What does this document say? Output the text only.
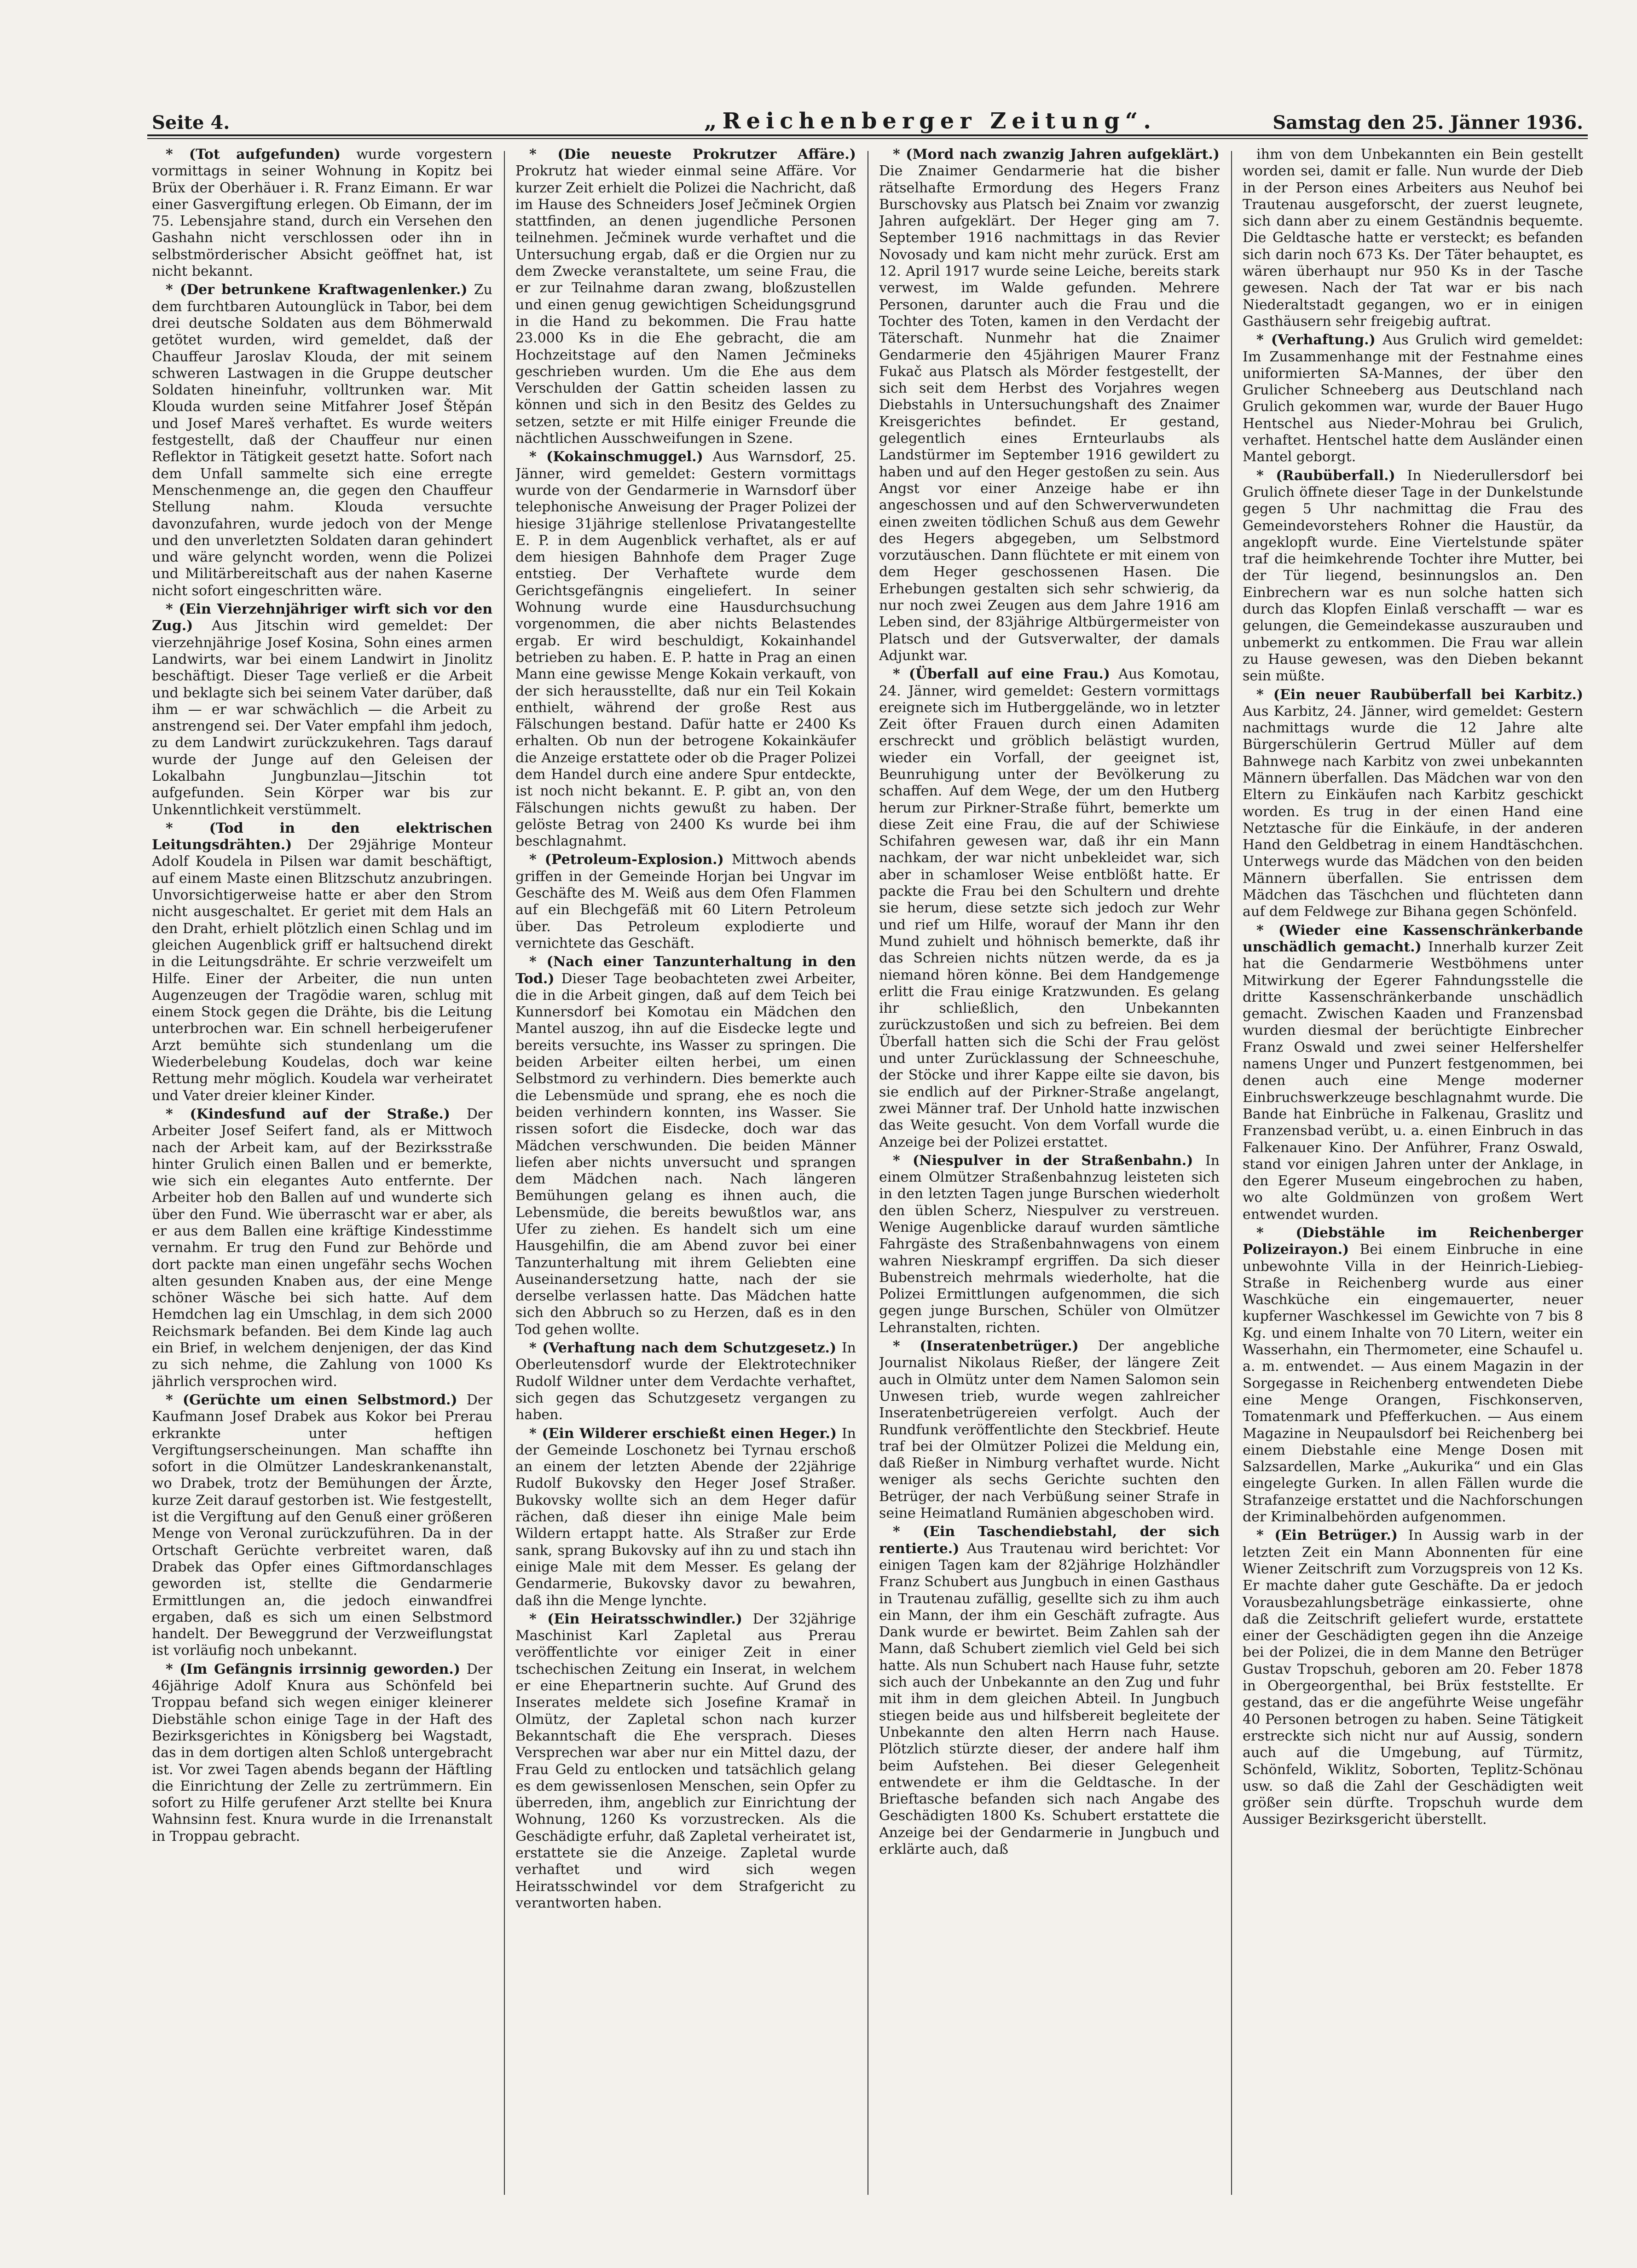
Seite 4.	„Reichenberger Zeitung“.	Samstag den 25. Jänner 1936.

* (Tot aufgefunden) wurde vorgestern vormittags in seiner Wohnung in Kopitz bei Brüx der Oberhäuer i. R. Franz Eimann. Er war einer Gasvergiftung erlegen. Ob Eimann, der im 75. Lebensjahre stand, durch ein Versehen den Gashahn nicht verschlossen oder ihn in selbstmörderischer Absicht geöffnet hat, ist nicht bekannt.

* (Der betrunkene Kraftwagenlenker.) Zu dem furchtbaren Autounglück in Tabor, bei dem drei deutsche Soldaten aus dem Böhmerwald getötet wurden, wird gemeldet, daß der Chauffeur Jaroslav Klouda, der mit seinem schweren Lastwagen in die Gruppe deutscher Soldaten hineinfuhr, volltrunken war. Mit Klouda wurden seine Mitfahrer Josef Štěpán und Josef Mareš verhaftet. Es wurde weiters festgestellt, daß der Chauffeur nur einen Reflektor in Tätigkeit gesetzt hatte. Sofort nach dem Unfall sammelte sich eine erregte Menschenmenge an, die gegen den Chauffeur Stellung nahm. Klouda versuchte davonzufahren, wurde jedoch von der Menge und den unverletzten Soldaten daran gehindert und wäre gelyncht worden, wenn die Polizei und Militärbereitschaft aus der nahen Kaserne nicht sofort eingeschritten wäre.

* (Ein Vierzehnjähriger wirft sich vor den Zug.) Aus Jitschin wird gemeldet: Der vierzehnjährige Josef Kosina, Sohn eines armen Landwirts, war bei einem Landwirt in Jinolitz beschäftigt. Dieser Tage verließ er die Arbeit und beklagte sich bei seinem Vater darüber, daß ihm — er war schwächlich — die Arbeit zu anstrengend sei. Der Vater empfahl ihm jedoch, zu dem Landwirt zurückzukehren. Tags darauf wurde der Junge auf den Geleisen der Lokalbahn Jungbunzlau—Jitschin tot aufgefunden. Sein Körper war bis zur Unkenntlichkeit verstümmelt.

* (Tod in den elektrischen Leitungsdrähten.) Der 29jährige Monteur Adolf Koudela in Pilsen war damit beschäftigt, auf einem Maste einen Blitzschutz anzubringen. Unvorsichtigerweise hatte er aber den Strom nicht ausgeschaltet. Er geriet mit dem Hals an den Draht, erhielt plötzlich einen Schlag und im gleichen Augenblick griff er haltsuchend direkt in die Leitungsdrähte. Er schrie verzweifelt um Hilfe. Einer der Arbeiter, die nun unten Augenzeugen der Tragödie waren, schlug mit einem Stock gegen die Drähte, bis die Leitung unterbrochen war. Ein schnell herbeigerufener Arzt bemühte sich stundenlang um die Wiederbelebung Koudelas, doch war keine Rettung mehr möglich. Koudela war verheiratet und Vater dreier kleiner Kinder.

* (Kindesfund auf der Straße.) Der Arbeiter Josef Seifert fand, als er Mittwoch nach der Arbeit kam, auf der Bezirksstraße hinter Grulich einen Ballen und er bemerkte, wie sich ein elegantes Auto entfernte. Der Arbeiter hob den Ballen auf und wunderte sich über den Fund. Wie überrascht war er aber, als er aus dem Ballen eine kräftige Kindesstimme vernahm. Er trug den Fund zur Behörde und dort packte man einen ungefähr sechs Wochen alten gesunden Knaben aus, der eine Menge schöner Wäsche bei sich hatte. Auf dem Hemdchen lag ein Umschlag, in dem sich 2000 Reichsmark befanden. Bei dem Kinde lag auch ein Brief, in welchem denjenigen, der das Kind zu sich nehme, die Zahlung von 1000 Ks jährlich versprochen wird.

* (Gerüchte um einen Selbstmord.) Der Kaufmann Josef Drabek aus Kokor bei Prerau erkrankte unter heftigen Vergiftungserscheinungen. Man schaffte ihn sofort in die Olmützer Landeskrankenanstalt, wo Drabek, trotz der Bemühungen der Ärzte, kurze Zeit darauf gestorben ist. Wie festgestellt, ist die Vergiftung auf den Genuß einer größeren Menge von Veronal zurückzuführen. Da in der Ortschaft Gerüchte verbreitet waren, daß Drabek das Opfer eines Giftmordanschlages geworden ist, stellte die Gendarmerie Ermittlungen an, die jedoch einwandfrei ergaben, daß es sich um einen Selbstmord handelt. Der Beweggrund der Verzweiflungstat ist vorläufig noch unbekannt.

* (Im Gefängnis irrsinnig geworden.) Der 46jährige Adolf Knura aus Schönfeld bei Troppau befand sich wegen einiger kleinerer Diebstähle schon einige Tage in der Haft des Bezirksgerichtes in Königsberg bei Wagstadt, das in dem dortigen alten Schloß untergebracht ist. Vor zwei Tagen abends begann der Häftling die Einrichtung der Zelle zu zertrümmern. Ein sofort zu Hilfe gerufener Arzt stellte bei Knura Wahnsinn fest. Knura wurde in die Irrenanstalt in Troppau gebracht.

* (Die neueste Prokrutzer Affäre.) Prokrutz hat wieder einmal seine Affäre. Vor kurzer Zeit erhielt die Polizei die Nachricht, daß im Hause des Schneiders Josef Ječminek Orgien stattfinden, an denen jugendliche Personen teilnehmen. Ječminek wurde verhaftet und die Untersuchung ergab, daß er die Orgien nur zu dem Zwecke veranstaltete, um seine Frau, die er zur Teilnahme daran zwang, bloßzustellen und einen genug gewichtigen Scheidungsgrund in die Hand zu bekommen. Die Frau hatte 23.000 Ks in die Ehe gebracht, die am Hochzeitstage auf den Namen Ječmineks geschrieben wurden. Um die Ehe aus dem Verschulden der Gattin scheiden lassen zu können und sich in den Besitz des Geldes zu setzen, setzte er mit Hilfe einiger Freunde die nächtlichen Ausschweifungen in Szene.

* (Kokainschmuggel.) Aus Warnsdorf, 25. Jänner, wird gemeldet: Gestern vormittags wurde von der Gendarmerie in Warnsdorf über telephonische Anweisung der Prager Polizei der hiesige 31jährige stellenlose Privatangestellte E. P. in dem Augenblick verhaftet, als er auf dem hiesigen Bahnhofe dem Prager Zuge entstieg. Der Verhaftete wurde dem Gerichtsgefängnis eingeliefert. In seiner Wohnung wurde eine Hausdurchsuchung vorgenommen, die aber nichts Belastendes ergab. Er wird beschuldigt, Kokainhandel betrieben zu haben. E. P. hatte in Prag an einen Mann eine gewisse Menge Kokain verkauft, von der sich herausstellte, daß nur ein Teil Kokain enthielt, während der große Rest aus Fälschungen bestand. Dafür hatte er 2400 Ks erhalten. Ob nun der betrogene Kokainkäufer die Anzeige erstattete oder ob die Prager Polizei dem Handel durch eine andere Spur entdeckte, ist noch nicht bekannt. E. P. gibt an, von den Fälschungen nichts gewußt zu haben. Der gelöste Betrag von 2400 Ks wurde bei ihm beschlagnahmt.

* (Petroleum-Explosion.) Mittwoch abends griffen in der Gemeinde Horjan bei Ungvar im Geschäfte des M. Weiß aus dem Ofen Flammen auf ein Blechgefäß mit 60 Litern Petroleum über. Das Petroleum explodierte und vernichtete das Geschäft.

* (Nach einer Tanzunterhaltung in den Tod.) Dieser Tage beobachteten zwei Arbeiter, die in die Arbeit gingen, daß auf dem Teich bei Kunnersdorf bei Komotau ein Mädchen den Mantel auszog, ihn auf die Eisdecke legte und bereits versuchte, ins Wasser zu springen. Die beiden Arbeiter eilten herbei, um einen Selbstmord zu verhindern. Dies bemerkte auch die Lebensmüde und sprang, ehe es noch die beiden verhindern konnten, ins Wasser. Sie rissen sofort die Eisdecke, doch war das Mädchen verschwunden. Die beiden Männer liefen aber nichts unversucht und sprangen dem Mädchen nach. Nach längeren Bemühungen gelang es ihnen auch, die Lebensmüde, die bereits bewußtlos war, ans Ufer zu ziehen. Es handelt sich um eine Hausgehilfin, die am Abend zuvor bei einer Tanzunterhaltung mit ihrem Geliebten eine Auseinandersetzung hatte, nach der sie derselbe verlassen hatte. Das Mädchen hatte sich den Abbruch so zu Herzen, daß es in den Tod gehen wollte.

* (Verhaftung nach dem Schutzgesetz.) In Oberleutensdorf wurde der Elektrotechniker Rudolf Wildner unter dem Verdachte verhaftet, sich gegen das Schutzgesetz vergangen zu haben.

* (Ein Wilderer erschießt einen Heger.) In der Gemeinde Loschonetz bei Tyrnau erschoß an einem der letzten Abende der 22jährige Rudolf Bukovsky den Heger Josef Straßer. Bukovsky wollte sich an dem Heger dafür rächen, daß dieser ihn einige Male beim Wildern ertappt hatte. Als Straßer zur Erde sank, sprang Bukovsky auf ihn zu und stach ihn einige Male mit dem Messer. Es gelang der Gendarmerie, Bukovsky davor zu bewahren, daß ihn die Menge lynchte.

* (Ein Heiratsschwindler.) Der 32jährige Maschinist Karl Zapletal aus Prerau veröffentlichte vor einiger Zeit in einer tschechischen Zeitung ein Inserat, in welchem er eine Ehepartnerin suchte. Auf Grund des Inserates meldete sich Josefine Kramař in Olmütz, der Zapletal schon nach kurzer Bekanntschaft die Ehe versprach. Dieses Versprechen war aber nur ein Mittel dazu, der Frau Geld zu entlocken und tatsächlich gelang es dem gewissenlosen Menschen, sein Opfer zu überreden, ihm, angeblich zur Einrichtung der Wohnung, 1260 Ks vorzustrecken. Als die Geschädigte erfuhr, daß Zapletal verheiratet ist, erstattete sie die Anzeige. Zapletal wurde verhaftet und wird sich wegen Heiratsschwindel vor dem Strafgericht zu verantworten haben.

* (Mord nach zwanzig Jahren aufgeklärt.) Die Znaimer Gendarmerie hat die bisher rätselhafte Ermordung des Hegers Franz Burschovsky aus Platsch bei Znaim vor zwanzig Jahren aufgeklärt. Der Heger ging am 7. September 1916 nachmittags in das Revier Novosady und kam nicht mehr zurück. Erst am 12. April 1917 wurde seine Leiche, bereits stark verwest, im Walde gefunden. Mehrere Personen, darunter auch die Frau und die Tochter des Toten, kamen in den Verdacht der Täterschaft. Nunmehr hat die Znaimer Gendarmerie den 45jährigen Maurer Franz Fukač aus Platsch als Mörder festgestellt, der sich seit dem Herbst des Vorjahres wegen Diebstahls in Untersuchungshaft des Znaimer Kreisgerichtes befindet. Er gestand, gelegentlich eines Ernteurlaubs als Landstürmer im September 1916 gewildert zu haben und auf den Heger gestoßen zu sein. Aus Angst vor einer Anzeige habe er ihn angeschossen und auf den Schwerverwundeten einen zweiten tödlichen Schuß aus dem Gewehr des Hegers abgegeben, um Selbstmord vorzutäuschen. Dann flüchtete er mit einem von dem Heger geschossenen Hasen. Die Erhebungen gestalten sich sehr schwierig, da nur noch zwei Zeugen aus dem Jahre 1916 am Leben sind, der 83jährige Altbürgermeister von Platsch und der Gutsverwalter, der damals Adjunkt war.

* (Überfall auf eine Frau.) Aus Komotau, 24. Jänner, wird gemeldet: Gestern vormittags ereignete sich im Hutberggelände, wo in letzter Zeit öfter Frauen durch einen Adamiten erschreckt und gröblich belästigt wurden, wieder ein Vorfall, der geeignet ist, Beunruhigung unter der Bevölkerung zu schaffen. Auf dem Wege, der um den Hutberg herum zur Pirkner-Straße führt, bemerkte um diese Zeit eine Frau, die auf der Schiwiese Schifahren gewesen war, daß ihr ein Mann nachkam, der war nicht unbekleidet war, sich aber in schamloser Weise entblößt hatte. Er packte die Frau bei den Schultern und drehte sie herum, diese setzte sich jedoch zur Wehr und rief um Hilfe, worauf der Mann ihr den Mund zuhielt und höhnisch bemerkte, daß ihr das Schreien nichts nützen werde, da es ja niemand hören könne. Bei dem Handgemenge erlitt die Frau einige Kratzwunden. Es gelang ihr schließlich, den Unbekannten zurückzustoßen und sich zu befreien. Bei dem Überfall hatten sich die Schi der Frau gelöst und unter Zurücklassung der Schneeschuhe, der Stöcke und ihrer Kappe eilte sie davon, bis sie endlich auf der Pirkner-Straße angelangt, zwei Männer traf. Der Unhold hatte inzwischen das Weite gesucht. Von dem Vorfall wurde die Anzeige bei der Polizei erstattet.

* (Niespulver in der Straßenbahn.) In einem Olmützer Straßenbahnzug leisteten sich in den letzten Tagen junge Burschen wiederholt den üblen Scherz, Niespulver zu verstreuen. Wenige Augenblicke darauf wurden sämtliche Fahrgäste des Straßenbahnwagens von einem wahren Nieskrampf ergriffen. Da sich dieser Bubenstreich mehrmals wiederholte, hat die Polizei Ermittlungen aufgenommen, die sich gegen junge Burschen, Schüler von Olmützer Lehranstalten, richten.

* (Inseratenbetrüger.) Der angebliche Journalist Nikolaus Rießer, der längere Zeit auch in Olmütz unter dem Namen Salomon sein Unwesen trieb, wurde wegen zahlreicher Inseratenbetrügereien verfolgt. Auch der Rundfunk veröffentlichte den Steckbrief. Heute traf bei der Olmützer Polizei die Meldung ein, daß Rießer in Nimburg verhaftet wurde. Nicht weniger als sechs Gerichte suchten den Betrüger, der nach Verbüßung seiner Strafe in seine Heimatland Rumänien abgeschoben wird.

* (Ein Taschendiebstahl, der sich rentierte.) Aus Trautenau wird berichtet: Vor einigen Tagen kam der 82jährige Holzhändler Franz Schubert aus Jungbuch in einen Gasthaus in Trautenau zufällig, gesellte sich zu ihm auch ein Mann, der ihm ein Geschäft zufragte. Aus Dank wurde er bewirtet. Beim Zahlen sah der Mann, daß Schubert ziemlich viel Geld bei sich hatte. Als nun Schubert nach Hause fuhr, setzte sich auch der Unbekannte an den Zug und fuhr mit ihm in dem gleichen Abteil. In Jungbuch stiegen beide aus und hilfsbereit begleitete der Unbekannte den alten Herrn nach Hause. Plötzlich stürzte dieser, der andere half ihm beim Aufstehen. Bei dieser Gelegenheit entwendete er ihm die Geldtasche. In der Brieftasche befanden sich nach Angabe des Geschädigten 1800 Ks. Schubert erstattete die Anzeige bei der Gendarmerie in Jungbuch und erklärte auch, daß

ihm von dem Unbekannten ein Bein gestellt worden sei, damit er falle. Nun wurde der Dieb in der Person eines Arbeiters aus Neuhof bei Trautenau ausgeforscht, der zuerst leugnete, sich dann aber zu einem Geständnis bequemte. Die Geldtasche hatte er versteckt; es befanden sich darin noch 673 Ks. Der Täter behauptet, es wären überhaupt nur 950 Ks in der Tasche gewesen. Nach der Tat war er bis nach Niederaltstadt gegangen, wo er in einigen Gasthäusern sehr freigebig auftrat.

* (Verhaftung.) Aus Grulich wird gemeldet: Im Zusammenhange mit der Festnahme eines uniformierten SA-Mannes, der über den Grulicher Schneeberg aus Deutschland nach Grulich gekommen war, wurde der Bauer Hugo Hentschel aus Nieder-Mohrau bei Grulich, verhaftet. Hentschel hatte dem Ausländer einen Mantel geborgt.

* (Raubüberfall.) In Niederullersdorf bei Grulich öffnete dieser Tage in der Dunkelstunde gegen 5 Uhr nachmittag die Frau des Gemeindevorstehers Rohner die Haustür, da angeklopft wurde. Eine Viertelstunde später traf die heimkehrende Tochter ihre Mutter, bei der Tür liegend, besinnungslos an. Den Einbrechern war es nun solche hatten sich durch das Klopfen Einlaß verschafft — war es gelungen, die Gemeindekasse auszurauben und unbemerkt zu entkommen. Die Frau war allein zu Hause gewesen, was den Dieben bekannt sein müßte.

* (Ein neuer Raubüberfall bei Karbitz.) Aus Karbitz, 24. Jänner, wird gemeldet: Gestern nachmittags wurde die 12 Jahre alte Bürgerschülerin Gertrud Müller auf dem Bahnwege nach Karbitz von zwei unbekannten Männern überfallen. Das Mädchen war von den Eltern zu Einkäufen nach Karbitz geschickt worden. Es trug in der einen Hand eine Netztasche für die Einkäufe, in der anderen Hand den Geldbetrag in einem Handtäschchen. Unterwegs wurde das Mädchen von den beiden Männern überfallen. Sie entrissen dem Mädchen das Täschchen und flüchteten dann auf dem Feldwege zur Bihana gegen Schönfeld.

* (Wieder eine Kassenschränkerbande unschädlich gemacht.) Innerhalb kurzer Zeit hat die Gendarmerie Westböhmens unter Mitwirkung der Egerer Fahndungsstelle die dritte Kassenschränkerbande unschädlich gemacht. Zwischen Kaaden und Franzensbad wurden diesmal der berüchtigte Einbrecher Franz Oswald und zwei seiner Helfershelfer namens Unger und Punzert festgenommen, bei denen auch eine Menge moderner Einbruchswerkzeuge beschlagnahmt wurde. Die Bande hat Einbrüche in Falkenau, Graslitz und Franzensbad verübt, u. a. einen Einbruch in das Falkenauer Kino. Der Anführer, Franz Oswald, stand vor einigen Jahren unter der Anklage, in den Egerer Museum eingebrochen zu haben, wo alte Goldmünzen von großem Wert entwendet wurden.

* (Diebstähle im Reichenberger Polizeirayon.) Bei einem Einbruche in eine unbewohnte Villa in der Heinrich-Liebieg-Straße in Reichenberg wurde aus einer Waschküche ein eingemauerter, neuer kupferner Waschkessel im Gewichte von 7 bis 8 Kg. und einem Inhalte von 70 Litern, weiter ein Wasserhahn, ein Thermometer, eine Schaufel u. a. m. entwendet. — Aus einem Magazin in der Sorgegasse in Reichenberg entwendeten Diebe eine Menge Orangen, Fischkonserven, Tomatenmark und Pfefferkuchen. — Aus einem Magazine in Neupaulsdorf bei Reichenberg bei einem Diebstahle eine Menge Dosen mit Salzsardellen, Marke „Aukurika“ und ein Glas eingelegte Gurken. In allen Fällen wurde die Strafanzeige erstattet und die Nachforschungen der Kriminalbehörden aufgenommen.

* (Ein Betrüger.) In Aussig warb in der letzten Zeit ein Mann Abonnenten für eine Wiener Zeitschrift zum Vorzugspreis von 12 Ks. Er machte daher gute Geschäfte. Da er jedoch Vorausbezahlungsbeträge einkassierte, ohne daß die Zeitschrift geliefert wurde, erstattete einer der Geschädigten gegen ihn die Anzeige bei der Polizei, die in dem Manne den Betrüger Gustav Tropschuh, geboren am 20. Feber 1878 in Obergeorgenthal, bei Brüx feststellte. Er gestand, das er die angeführte Weise ungefähr 40 Personen betrogen zu haben. Seine Tätigkeit erstreckte sich nicht nur auf Aussig, sondern auch auf die Umgebung, auf Türmitz, Schönfeld, Wiklitz, Soborten, Teplitz-Schönau usw. so daß die Zahl der Geschädigten weit größer sein dürfte. Tropschuh wurde dem Aussiger Bezirksgericht überstellt.
